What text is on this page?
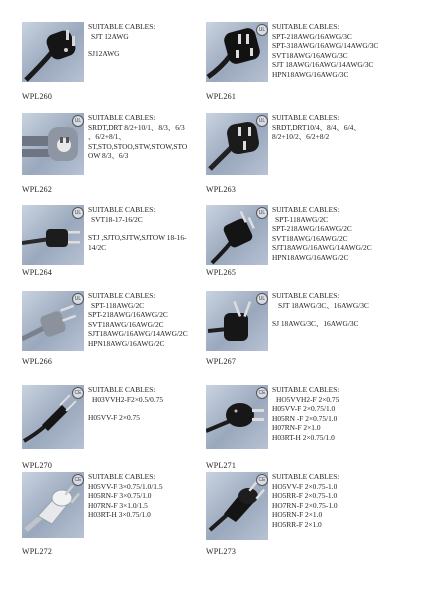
WPL260
SUITABLE CABLES:
SJT 12AWG
SJ12AWG
UL
WPL261
SUITABLE CABLES:
SPT-218AWG/16AWG/3C
SPT-318AWG/16AWG/14AWG/3C
SVT18AWG/16AWG/3C
SJT 18AWG/16AWG/14AWG/3C
HPN18AWG/16AWG/3C
UL
WPL262
SUITABLE CABLES:
SRDT,DRT 8/2+10/1、8/3、6/3
、6/2+8/1、
ST,STO,STOO,STW,STOW,STO
OW 8/3、6/3
UL
WPL263
SUITABLE CABLES:
SRDT,DRT10/4、8/4、6/4、
8/2+10/2、6/2+8/2
UL
WPL264
SUITABLE CABLES:
SVT18-17-16/2C
STJ ,SJTO,SJTW,SJTOW 18-16-
14/2C
UL
WPL265
SUITABLE CABLES:
SPT-118AWG/2C
SPT-218AWG/16AWG/2C
SVT18AWG/16AWG/2C
SJT18AWG/16AWG/14AWG/2C
HPN18AWG/16AWG/2C
UL
WPL266
SUITABLE CABLES:
SPT-118AWG/2C
SPT-218AWG/16AWG/2C
SVT18AWG/16AWG/2C
SJT18AWG/16AWG/14AWG/2C
HPN18AWG/16AWG/2C
UL
WPL267
SUITABLE CABLES:
SJT 18AWG/3C、16AWG/3C
SJ 18AWG/3C、16AWG/3C
CE
WPL270
SUITABLE CABLES:
H03VVH2-F2×0.5/0.75
H05VV-F 2×0.75
CE
WPL271
SUITABLE CABLES:
HO5VVH2-F 2×0.75
H05VV-F 2×0.75/1.0
H05RN -F 2×0.75/1.0
H07RN-F 2×1.0
H03RT-H 2×0.75/1.0
CE
WPL272
SUITABLE CABLES:
H05VV-F 3×0.75/1.0/1.5
H05RN-F 3×0.75/1.0
H07RN-F 3×1.0/1.5
H03RT-H 3×0.75/1.0
CE
WPL273
SUITABLE CABLES:
HO5VV-F 2×0.75-1.0
HO5RR-F 2×0.75-1.0
HO7RN-F 2×0.75-1.0
HO5RN-F 2×1.0
HO5RR-F 2×1.0
